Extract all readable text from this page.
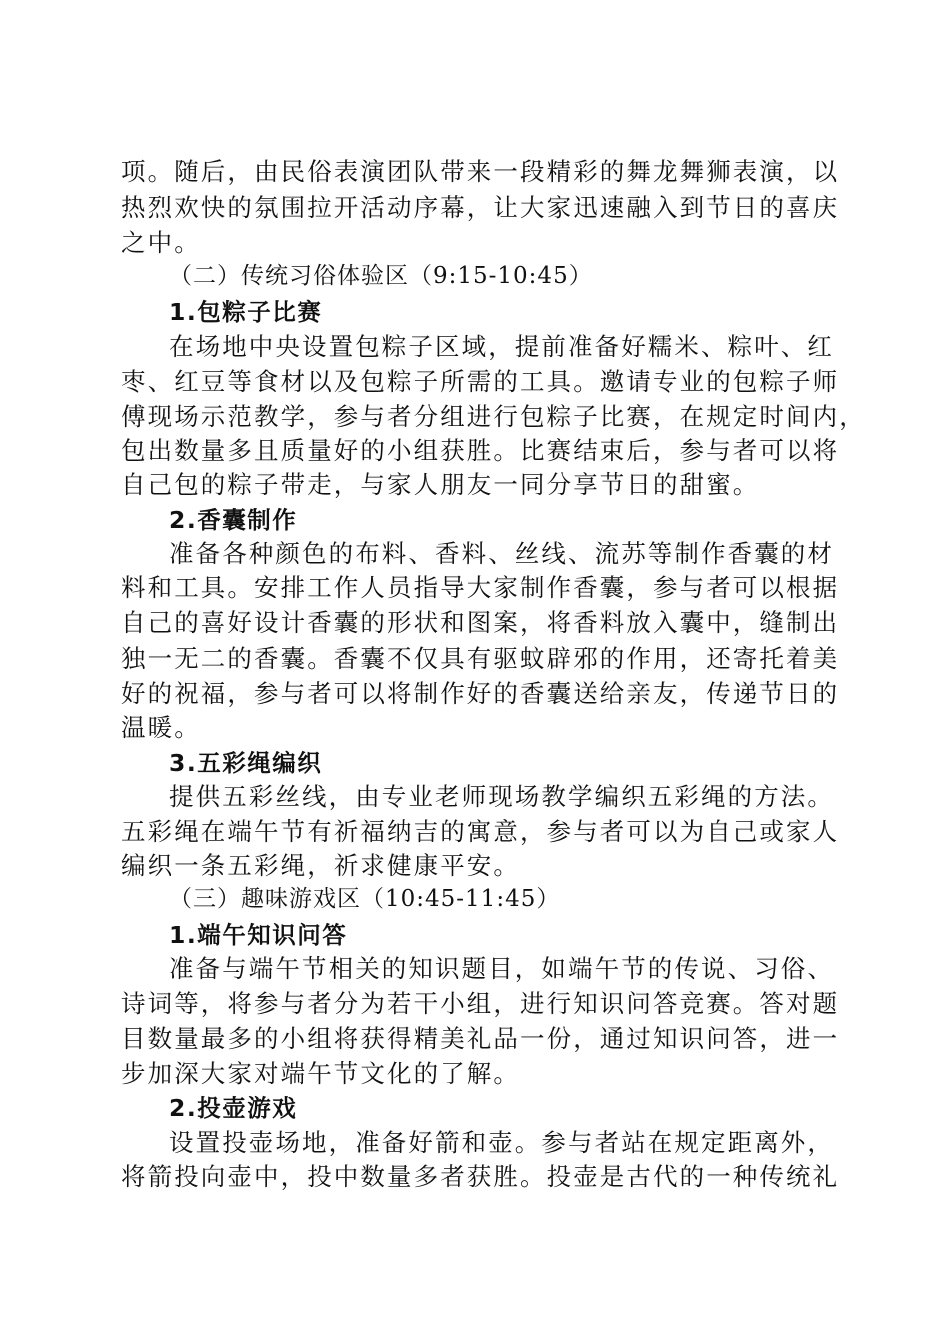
项。随后，由民俗表演团队带来一段精彩的舞龙舞狮表演，以
热烈欢快的氛围拉开活动序幕，让大家迅速融入到节日的喜庆
之中。
（二）传统习俗体验区（9:15-10:45）
1.包粽子比赛
在场地中央设置包粽子区域，提前准备好糯米、粽叶、红
枣、红豆等食材以及包粽子所需的工具。邀请专业的包粽子师
傅现场示范教学，参与者分组进行包粽子比赛，在规定时间内，
包出数量多且质量好的小组获胜。比赛结束后，参与者可以将
自己包的粽子带走，与家人朋友一同分享节日的甜蜜。
2.香囊制作
准备各种颜色的布料、香料、丝线、流苏等制作香囊的材
料和工具。安排工作人员指导大家制作香囊，参与者可以根据
自己的喜好设计香囊的形状和图案，将香料放入囊中，缝制出
独一无二的香囊。香囊不仅具有驱蚊辟邪的作用，还寄托着美
好的祝福，参与者可以将制作好的香囊送给亲友，传递节日的
温暖。
3.五彩绳编织
提供五彩丝线，由专业老师现场教学编织五彩绳的方法。
五彩绳在端午节有祈福纳吉的寓意，参与者可以为自己或家人
编织一条五彩绳，祈求健康平安。
（三）趣味游戏区（10:45-11:45）
1.端午知识问答
准备与端午节相关的知识题目，如端午节的传说、习俗、
诗词等，将参与者分为若干小组，进行知识问答竞赛。答对题
目数量最多的小组将获得精美礼品一份，通过知识问答，进一
步加深大家对端午节文化的了解。
2.投壶游戏
设置投壶场地，准备好箭和壶。参与者站在规定距离外，
将箭投向壶中，投中数量多者获胜。投壶是古代的一种传统礼
